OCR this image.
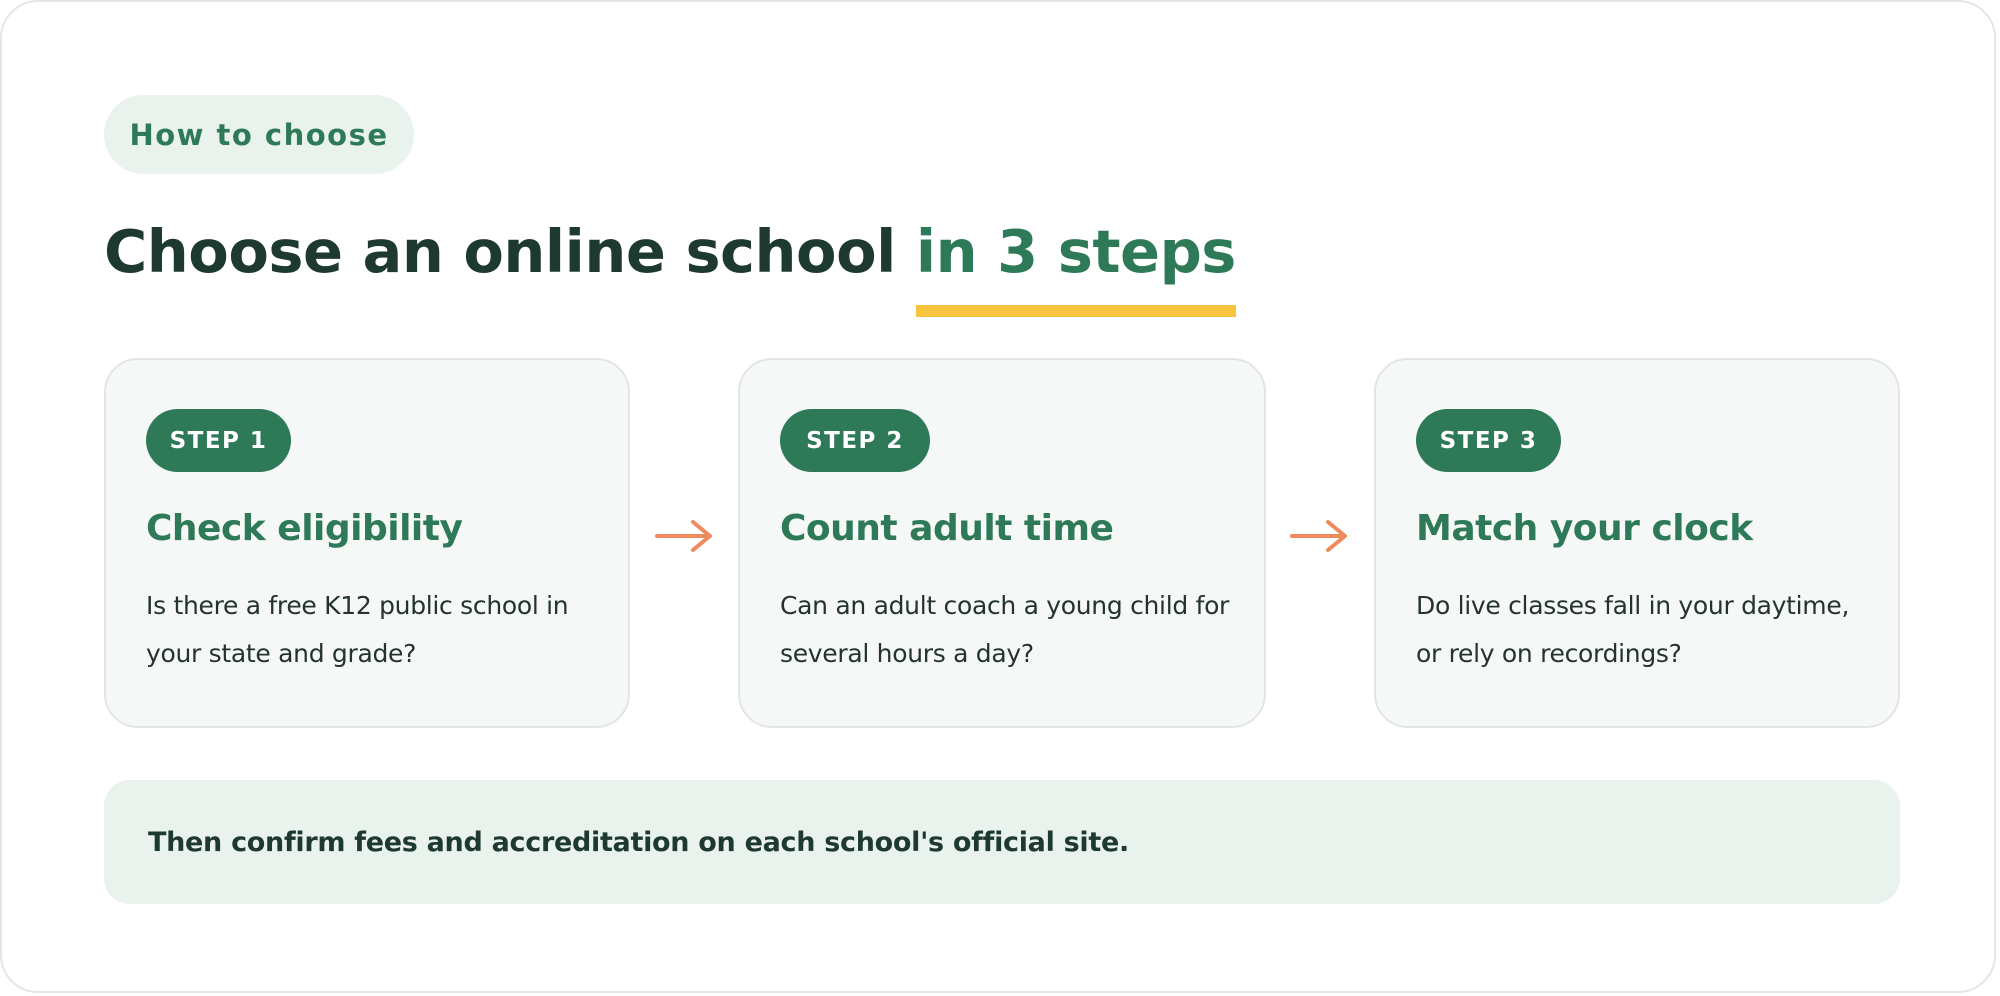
How to choose
Choose an online school in 3 steps
STEP 1
Check eligibility
Is there a free K12 public school in your state and grade?
STEP 2
Count adult time
Can an adult coach a young child for several hours a day?
STEP 3
Match your clock
Do live classes fall in your daytime, or rely on recordings?
Then confirm fees and accreditation on each school's official site.
